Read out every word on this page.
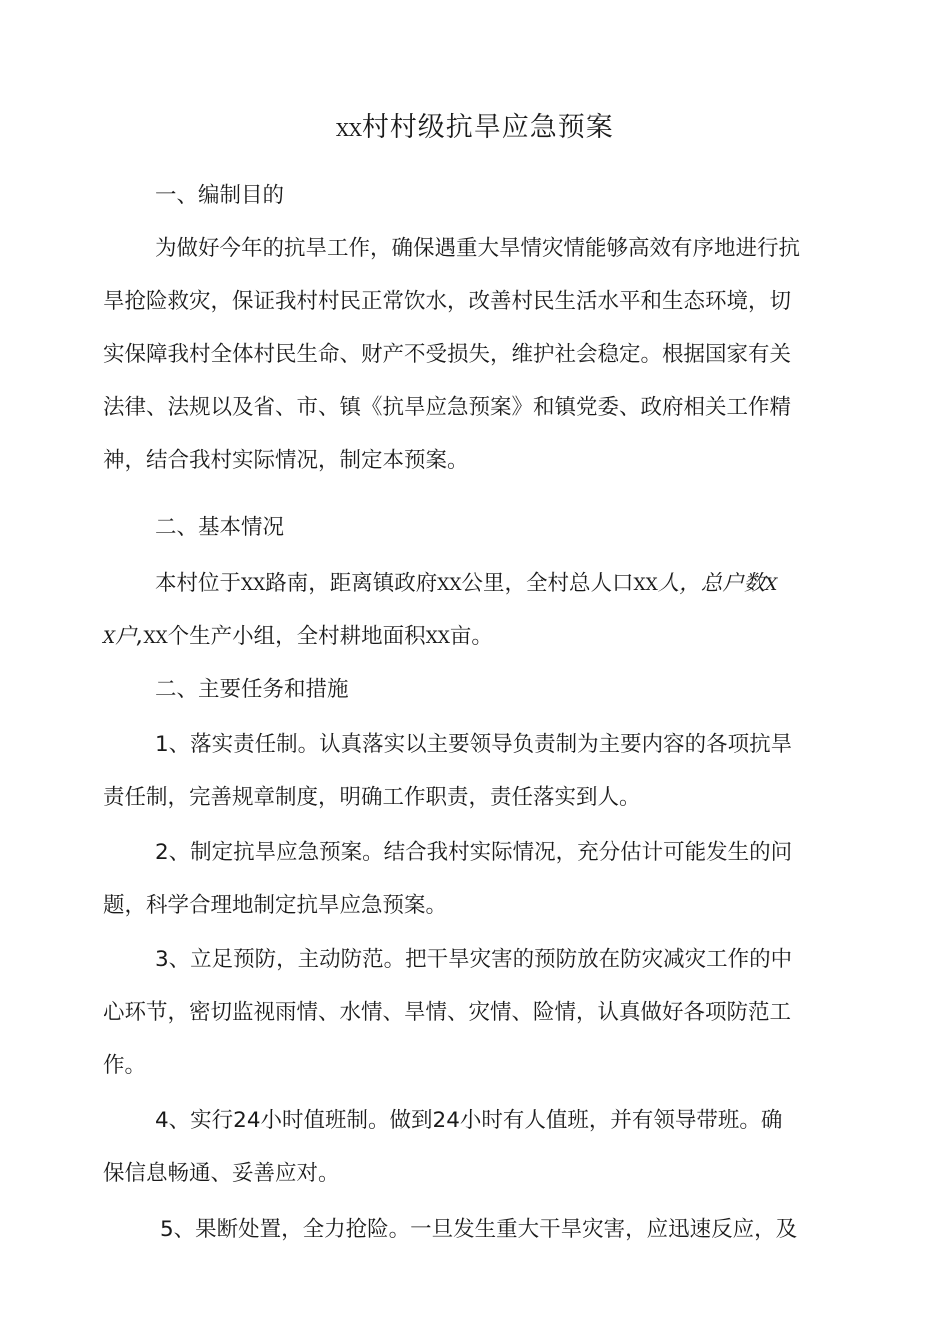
XX村村级抗旱应急预案
一、编制目的
为做好今年的抗旱工作，确保遇重大旱情灾情能够高效有序地进行抗
旱抢险救灾，保证我村村民正常饮水，改善村民生活水平和生态环境，切
实保障我村全体村民生命、财产不受损失，维护社会稳定。根据国家有关
法律、法规以及省、市、镇《抗旱应急预案》和镇党委、政府相关工作精
神，结合我村实际情况，制定本预案。
二、基本情况
本村位于XX路南，距离镇政府XX公里，全村总人口XX人，总户数X
X户,XX个生产小组，全村耕地面积XX亩。
二、主要任务和措施
1、落实责任制。认真落实以主要领导负责制为主要内容的各项抗旱
责任制，完善规章制度，明确工作职责，责任落实到人。
2、制定抗旱应急预案。结合我村实际情况，充分估计可能发生的问
题，科学合理地制定抗旱应急预案。
3、立足预防，主动防范。把干旱灾害的预防放在防灾减灾工作的中
心环节，密切监视雨情、水情、旱情、灾情、险情，认真做好各项防范工
作。
4、实行24小时值班制。做到24小时有人值班，并有领导带班。确
保信息畅通、妥善应对。
5、果断处置，全力抢险。一旦发生重大干旱灾害，应迅速反应，及
